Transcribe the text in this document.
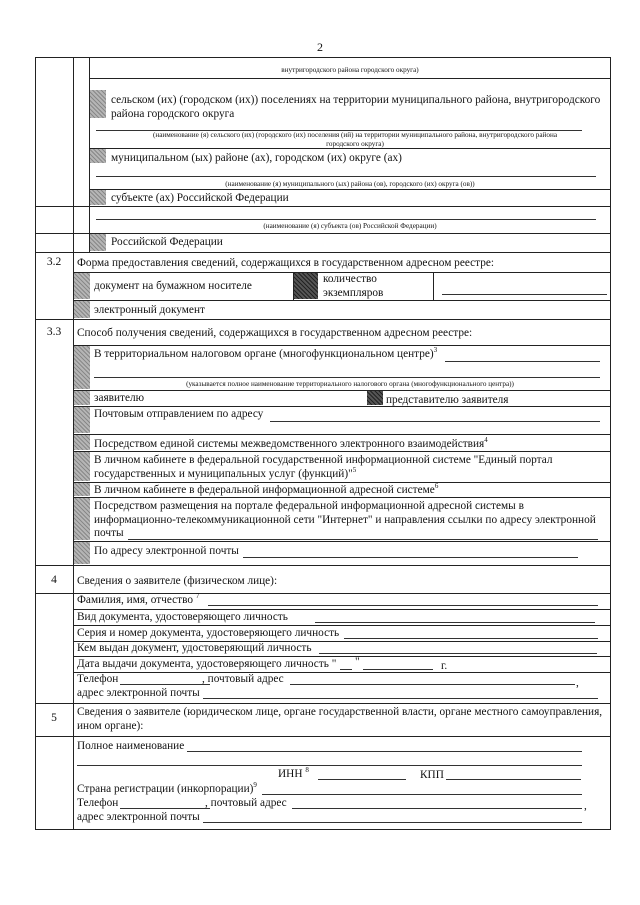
2
внутригородского района городского округа)
сельском (их) (городском (их)) поселениях на территории муниципального района, внутригородского района городского округа
(наименование (я) сельского (их) (городского (их) поселения (ий) на территории муниципального района, внутригородского района городского округа)
муниципальном (ых) районе (ах), городском (их) округе (ах)
(наименование (я) муниципального (ых) района (ов), городского (их) округа (ов))
субъекте (ах) Российской Федерации
(наименование (я) субъекта (ов) Российской Федерации)
Российской Федерации
3.2	Форма предоставления сведений, содержащихся в государственном адресном реестре:
документ на бумажном носителе
количество экземпляров
электронный документ
3.3	Способ получения сведений, содержащихся в государственном адресном реестре:
В территориальном налоговом органе (многофункциональном центре)$^3$
(указывается полное наименование территориального налогового органа (многофункционального центра))
заявителю	представителю заявителя
Почтовым отправлением по адресу
Посредством единой системы межведомственного электронного взаимодействия$^4$
В личном кабинете в федеральной государственной информационной системе "Единый портал государственных и муниципальных услуг (функций)"$^5$
В личном кабинете в федеральной информационной адресной системе$^6$
Посредством размещения на портале федеральной информационной адресной системы в информационно-телекоммуникационной сети "Интернет" и направления ссылки по адресу электронной почты
По адресу электронной почты
4	Сведения о заявителе (физическом лице):
Фамилия, имя, отчество $^7$
Вид документа, удостоверяющего личность
Серия и номер документа, удостоверяющего личность
Кем выдан документ, удостоверяющий личность
Дата выдачи документа, удостоверяющего личность " "	г.
Телефон	, почтовый адрес	,
адрес электронной почты
5	Сведения о заявителе (юридическом лице, органе государственной власти, органе местного самоуправления, ином органе):
Полное наименование
ИНН $^8$	КПП
Страна регистрации (инкорпорации)$^9$
Телефон	, почтовый адрес	,
адрес электронной почты
